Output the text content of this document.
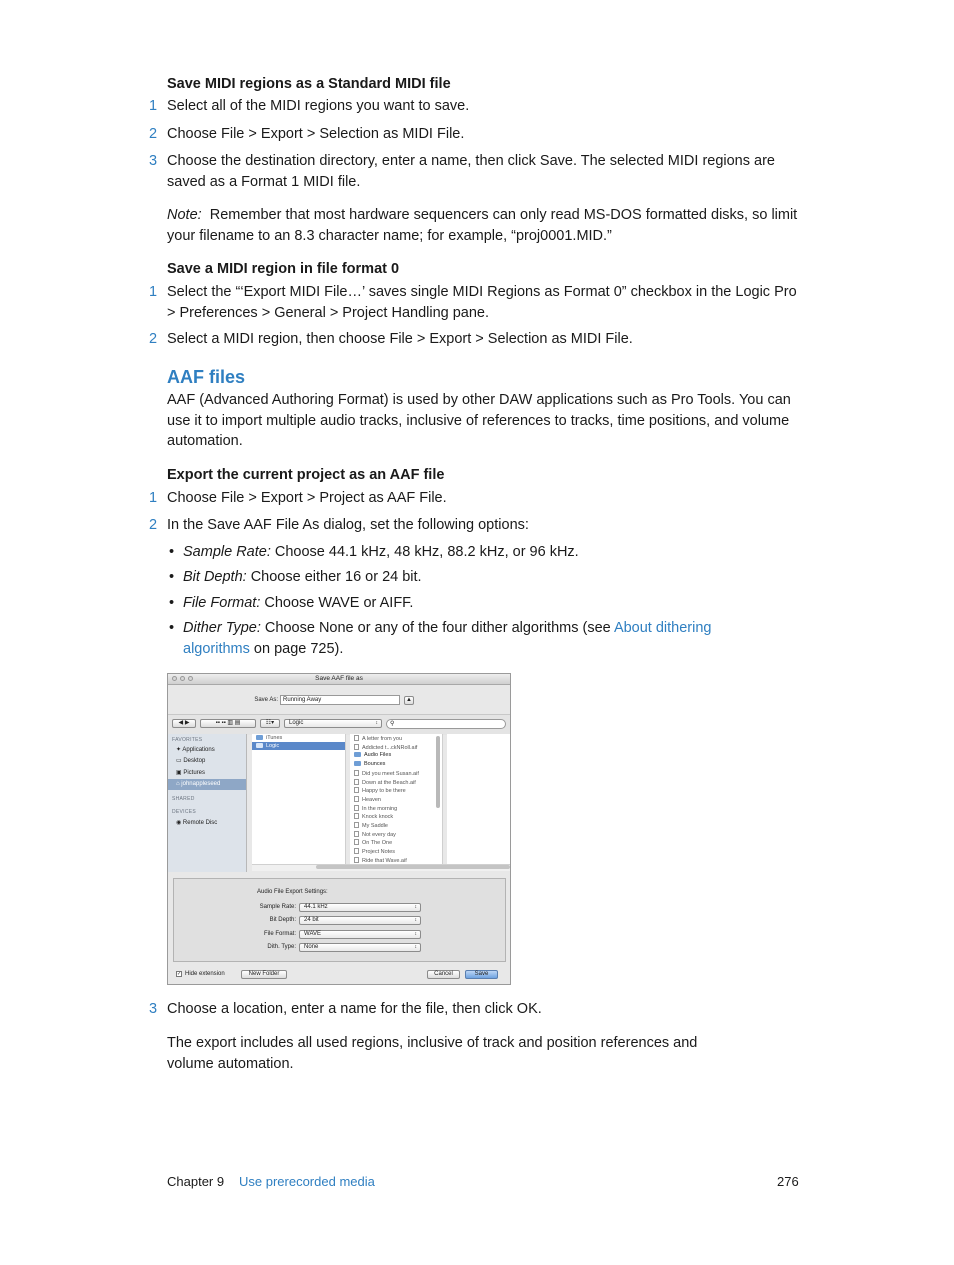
Save MIDI regions as a Standard MIDI file
1 Select all of the MIDI regions you want to save.
2 Choose File > Export > Selection as MIDI File.
3 Choose the destination directory, enter a name, then click Save. The selected MIDI regions are saved as a Format 1 MIDI file.
Note: Remember that most hardware sequencers can only read MS-DOS formatted disks, so limit your filename to an 8.3 character name; for example, “proj0001.MID.”
Save a MIDI region in file format 0
1 Select the “‘Export MIDI File…’ saves single MIDI Regions as Format 0” checkbox in the Logic Pro > Preferences > General > Project Handling pane.
2 Select a MIDI region, then choose File > Export > Selection as MIDI File.
AAF files
AAF (Advanced Authoring Format) is used by other DAW applications such as Pro Tools. You can use it to import multiple audio tracks, inclusive of references to tracks, time positions, and volume automation.
Export the current project as an AAF file
1 Choose File > Export > Project as AAF File.
2 In the Save AAF File As dialog, set the following options:
• Sample Rate: Choose 44.1 kHz, 48 kHz, 88.2 kHz, or 96 kHz.
• Bit Depth: Choose either 16 or 24 bit.
• File Format: Choose WAVE or AIFF.
• Dither Type: Choose None or any of the four dither algorithms (see About dithering algorithms on page 725).
Save AAF file as
Save As: Running Away	▲
◀ ▶	▪▪ ▪▪ ▥ ▤	☷▾	Logic ↕	⚲
FAVORITES
✦ Applications
▭ Desktop
▣ Pictures
⌂ johnappleseed
SHARED
DEVICES
◉ Remote Disc
iTunes
Logic
A letter from you
Addicted t...ckNRoll.aif
Audio Files
Bounces
Did you meet Susan.aif
Down at the Beach.aif
Happy to be there
Heaven
In the morning
Knock knock
My Saddle
Not every day
On The One
Project Notes
Ride that Wave.aif
Audio File Export Settings:
Sample Rate:	44.1 kHz ↕
Bit Depth:	24 bit ↕
File Format:	WAVE ↕
Dith. Type:	None ↕
✓ Hide extension	New Folder	Cancel	Save
3 Choose a location, enter a name for the file, then click OK.
The export includes all used regions, inclusive of track and position references and volume automation.
Chapter 9 Use prerecorded media	276
